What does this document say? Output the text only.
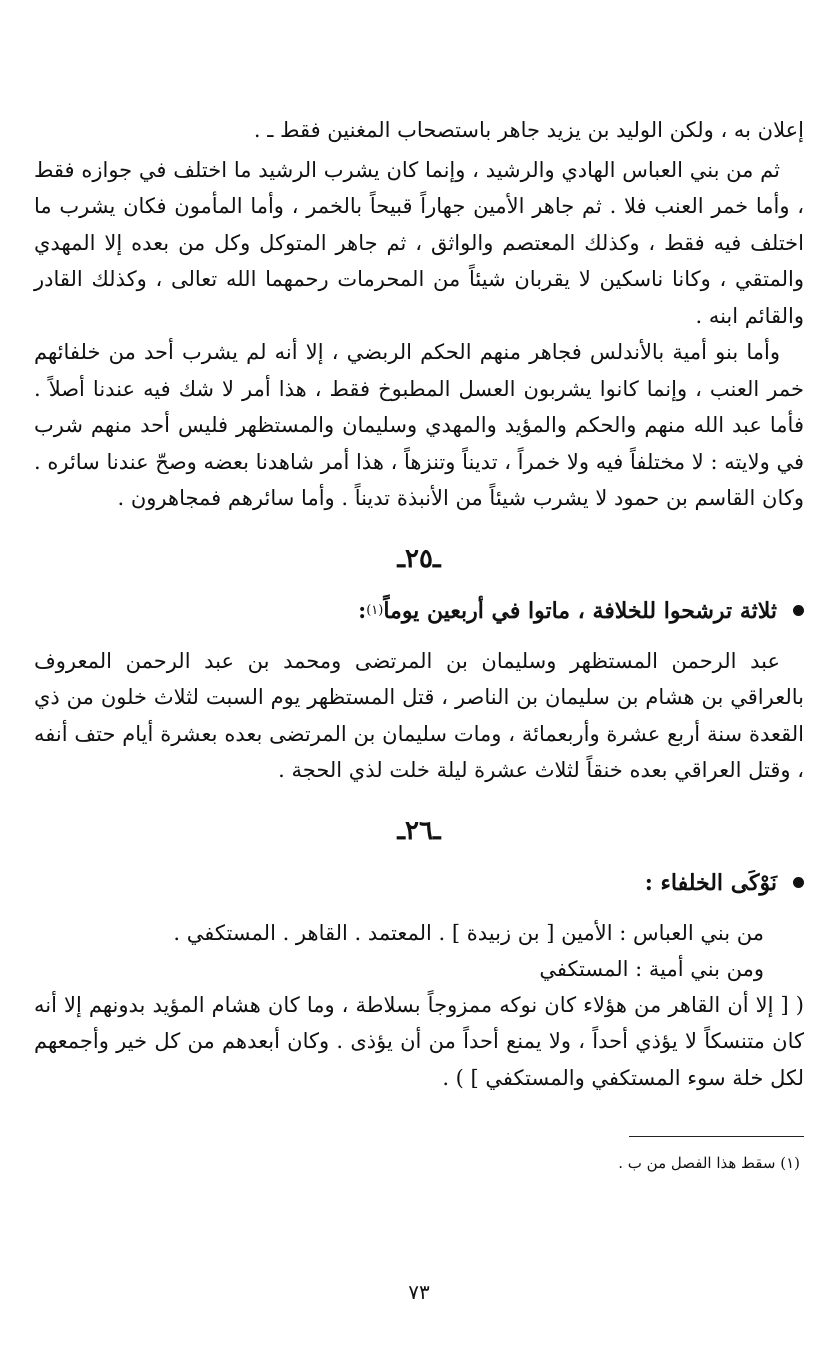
إعلان به ، ولكن الوليد بن يزيد جاهر باستصحاب المغنين فقط ـ .

ثم من بني العباس الهادي والرشيد ، وإنما كان يشرب الرشيد ما اختلف في جوازه فقط ، وأما خمر العنب فلا . ثم جاهر الأمين جهاراً قبيحاً بالخمر ، وأما المأمون فكان يشرب ما اختلف فيه فقط ، وكذلك المعتصم والواثق ، ثم جاهر المتوكل وكل من بعده إلا المهدي والمتقي ، وكانا ناسكين لا يقربان شيئاً من المحرمات رحمهما الله تعالى ، وكذلك القادر والقائم ابنه .

وأما بنو أمية بالأندلس فجاهر منهم الحكم الربضي ، إلا أنه لم يشرب أحد من خلفائهم خمر العنب ، وإنما كانوا يشربون العسل المطبوخ فقط ، هذا أمر لا شك فيه عندنا أصلاً . فأما عبد الله منهم والحكم والمؤيد والمهدي وسليمان والمستظهر فليس أحد منهم شرب في ولايته : لا مختلفاً فيه ولا خمراً ، تديناً وتنزهاً ، هذا أمر شاهدنا بعضه وصحّ عندنا سائره . وكان القاسم بن حمود لا يشرب شيئاً من الأنبذة تديناً . وأما سائرهم فمجاهرون .

ـ٢٥ـ
ثلاثة ترشحوا للخلافة ، ماتوا في أربعين يوماً
(١)
:

عبد الرحمن المستظهر وسليمان بن المرتضى ومحمد بن عبد الرحمن المعروف بالعراقي بن هشام بن سليمان بن الناصر ، قتل المستظهر يوم السبت لثلاث خلون من ذي القعدة سنة أربع عشرة وأربعمائة ، ومات سليمان بن المرتضى بعده بعشرة أيام حتف أنفه ، وقتل العراقي بعده خنقاً لثلاث عشرة ليلة خلت لذي الحجة .

ـ٢٦ـ
نَوْكَى الخلفاء :
من بني العباس : الأمين [ بن زبيدة ] . المعتمد . القاهر . المستكفي .
ومن بني أمية : المستكفي

( [ إلا أن القاهر من هؤلاء كان نوكه ممزوجاً بسلاطة ، وما كان هشام المؤيد بدونهم إلا أنه كان متنسكاً لا يؤذي أحداً ، ولا يمنع أحداً من أن يؤذى . وكان أبعدهم من كل خير وأجمعهم لكل خلة سوء المستكفي والمستكفي ] ) .

(١) سقط هذا الفصل من ب .
٧٣
